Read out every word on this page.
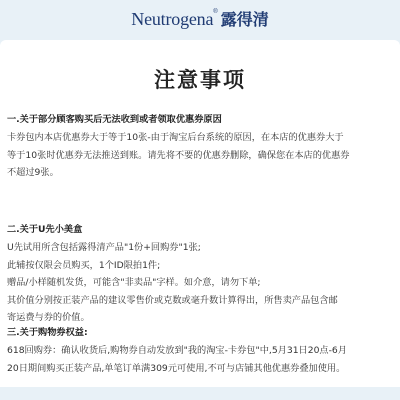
Neutrogena® 露得清
注意事项
一.关于部分顾客购买后无法收到或者领取优惠券原因
卡券包内本店优惠券大于等于10张-由于淘宝后台系统的原因，在本店的优惠券大于
等于10张时优惠券无法推送到账。请先将不要的优惠券删除，确保您在本店的优惠券
不超过9张。
二.关于U先小美盒
U先试用所含包括露得清产品"1份+回购券"1张;
此辅按仅限会员购买，1个ID限拍1件;
赠品/小样随机发货，可能含"非卖品"字样。如介意，请勿下单;
其价值分别按正装产品的建议零售价或克数或毫升数计算得出，所售卖产品包含邮
寄运费与券的价值。
三.关于购物券权益:
618回购券：确认收货后,购物券自动发放到"我的淘宝-卡券包"中,5月31日20点-6月
20日期间购买正装产品,单笔订单满309元可使用,不可与店铺其他优惠券叠加使用。
